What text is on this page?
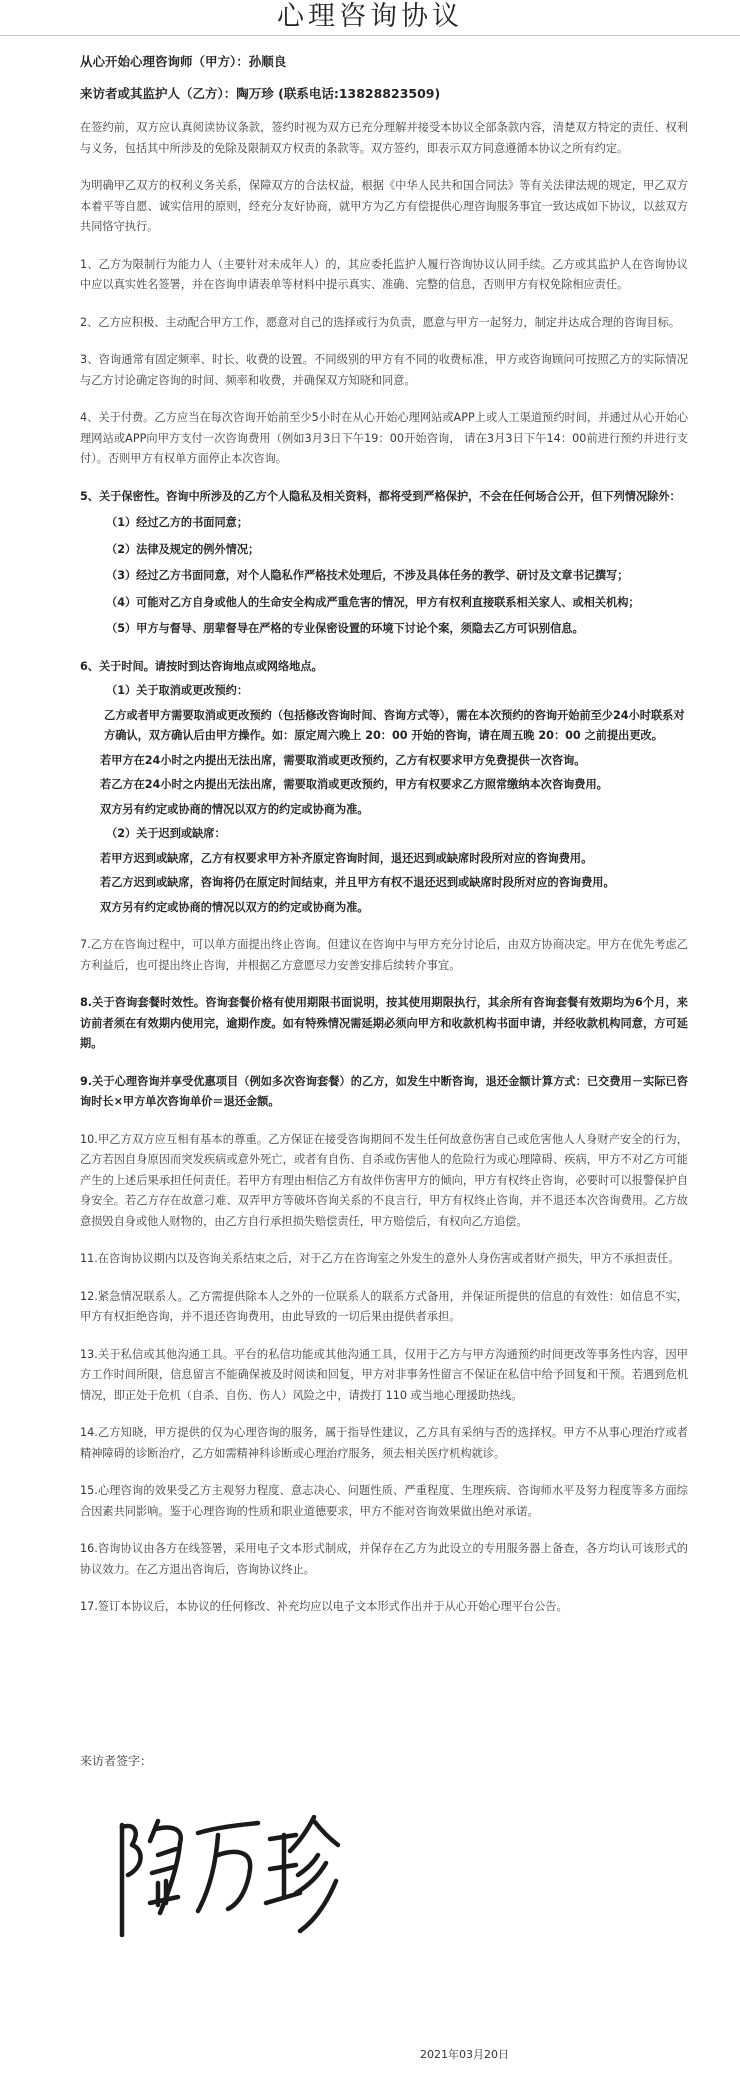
心理咨询协议
从心开始心理咨询师（甲方）：孙顺良
来访者或其监护人（乙方）：陶万珍 (联系电话:13828823509)

在签约前，双方应认真阅读协议条款，签约时视为双方已充分理解并接受本协议全部条款内容，清楚双方特定的责任、权利与义务，包括其中所涉及的免除及限制双方权责的条款等。双方签约，即表示双方同意遵循本协议之所有约定。

为明确甲乙双方的权利义务关系，保障双方的合法权益，根据《中华人民共和国合同法》等有关法律法规的规定，甲乙双方本着平等自愿、诚实信用的原则，经充分友好协商，就甲方为乙方有偿提供心理咨询服务事宜一致达成如下协议，以兹双方共同恪守执行。

1、乙方为限制行为能力人（主要针对未成年人）的，其应委托监护人履行咨询协议认同手续。乙方或其监护人在咨询协议中应以真实姓名签署，并在咨询申请表单等材料中提示真实、准确、完整的信息，否则甲方有权免除相应责任。

2、乙方应积极、主动配合甲方工作，愿意对自己的选择或行为负责，愿意与甲方一起努力，制定并达成合理的咨询目标。

3、咨询通常有固定频率、时长、收费的设置。不同级别的甲方有不同的收费标准，甲方或咨询顾问可按照乙方的实际情况与乙方讨论确定咨询的时间、频率和收费，并确保双方知晓和同意。

4、关于付费。乙方应当在每次咨询开始前至少5小时在从心开始心理网站或APP上或人工渠道预约时间，并通过从心开始心理网站或APP向甲方支付一次咨询费用（例如3月3日下午19：00开始咨询， 请在3月3日下午14：00前进行预约并进行支付）。否则甲方有权单方面停止本次咨询。

5、关于保密性。咨询中所涉及的乙方个人隐私及相关资料，都将受到严格保护，不会在任何场合公开，但下列情况除外：

（1）经过乙方的书面同意；
（2）法律及规定的例外情况；
（3）经过乙方书面同意，对个人隐私作严格技术处理后，不涉及具体任务的教学、研讨及文章书记撰写；
（4）可能对乙方自身或他人的生命安全构成严重危害的情况，甲方有权利直接联系相关家人、或相关机构；
（5）甲方与督导、朋辈督导在严格的专业保密设置的环境下讨论个案，须隐去乙方可识别信息。

6、关于时间。请按时到达咨询地点或网络地点。

（1）关于取消或更改预约：
乙方或者甲方需要取消或更改预约（包括修改咨询时间、咨询方式等），需在本次预约的咨询开始前至少24小时联系对方确认，双方确认后由甲方操作。如：原定周六晚上 20：00 开始的咨询，请在周五晚 20：00 之前提出更改。
若甲方在24小时之内提出无法出席，需要取消或更改预约，乙方有权要求甲方免费提供一次咨询。
若乙方在24小时之内提出无法出席，需要取消或更改预约，甲方有权要求乙方照常缴纳本次咨询费用。
双方另有约定或协商的情况以双方的约定或协商为准。
（2）关于迟到或缺席：
若甲方迟到或缺席，乙方有权要求甲方补齐原定咨询时间，退还迟到或缺席时段所对应的咨询费用。
若乙方迟到或缺席，咨询将仍在原定时间结束，并且甲方有权不退还迟到或缺席时段所对应的咨询费用。
双方另有约定或协商的情况以双方的约定或协商为准。

7.乙方在咨询过程中，可以单方面提出终止咨询。但建议在咨询中与甲方充分讨论后，由双方协商决定。甲方在优先考虑乙方利益后，也可提出终止咨询，并根据乙方意愿尽力安善安排后续转介事宜。

8.关于咨询套餐时效性。咨询套餐价格有使用期限书面说明，按其使用期限执行，其余所有咨询套餐有效期均为6个月，来访前者须在有效期内使用完，逾期作废。如有特殊情况需延期必须向甲方和收款机构书面申请，并经收款机构同意，方可延期。

9.关于心理咨询并享受优惠项目（例如多次咨询套餐）的乙方，如发生中断咨询，退还金额计算方式：已交费用－实际已咨询时长×甲方单次咨询单价＝退还金额。

10.甲乙方双方应互相有基本的尊重。乙方保证在接受咨询期间不发生任何故意伤害自己或危害他人人身财产安全的行为，乙方若因自身原因而突发疾病或意外死亡，或者有自伤、自杀或伤害他人的危险行为或心理障碍、疾病，甲方不对乙方可能产生的上述后果承担任何责任。若甲方有理由相信乙方有故伴伤害甲方的倾向，甲方有权终止咨询，必要时可以报警保护自身安全。若乙方存在故意刁难、双弄甲方等破坏咨询关系的不良言行，甲方有权终止咨询，并不退还本次咨询费用。乙方故意损毁自身或他人财物的，由乙方自行承担损失赔偿责任，甲方赔偿后，有权向乙方追偿。

11.在咨询协议期内以及咨询关系结束之后，对于乙方在咨询室之外发生的意外人身伤害或者财产损失，甲方不承担责任。

12.紧急情况联系人。乙方需提供除本人之外的一位联系人的联系方式备用，并保证所提供的信息的有效性：如信息不实，甲方有权拒绝咨询，并不退还咨询费用，由此导致的一切后果由提供者承担。

13.关于私信或其他沟通工具。平台的私信功能或其他沟通工具，仅用于乙方与甲方沟通预约时间更改等事务性内容，因甲方工作时间所限，信息留言不能确保被及时阅读和回复，甲方对非事务性留言不保证在私信中给予回复和干预。若遇到危机情况，即正处于危机（自杀、自伤、伤人）风险之中，请拨打 110 或当地心理援助热线。

14.乙方知晓，甲方提供的仅为心理咨询的服务，属于指导性建议，乙方具有采纳与否的选择权。甲方不从事心理治疗或者精神障碍的诊断治疗，乙方如需精神科诊断或心理治疗服务，须去相关医疗机构就诊。

15.心理咨询的效果受乙方主观努力程度、意志决心、问题性质、严重程度、生理疾病、咨询师水平及努力程度等多方面综合因素共同影响。鉴于心理咨询的性质和职业道德要求，甲方不能对咨询效果做出绝对承诺。

16.咨询协议由各方在线签署，采用电子文本形式制成，并保存在乙方为此设立的专用服务器上备查，各方均认可该形式的协议效力。在乙方退出咨询后，咨询协议终止。

17.签订本协议后，本协议的任何修改、补充均应以电子文本形式作出并于从心开始心理平台公告。

来访者签字：
2021年03月20日
